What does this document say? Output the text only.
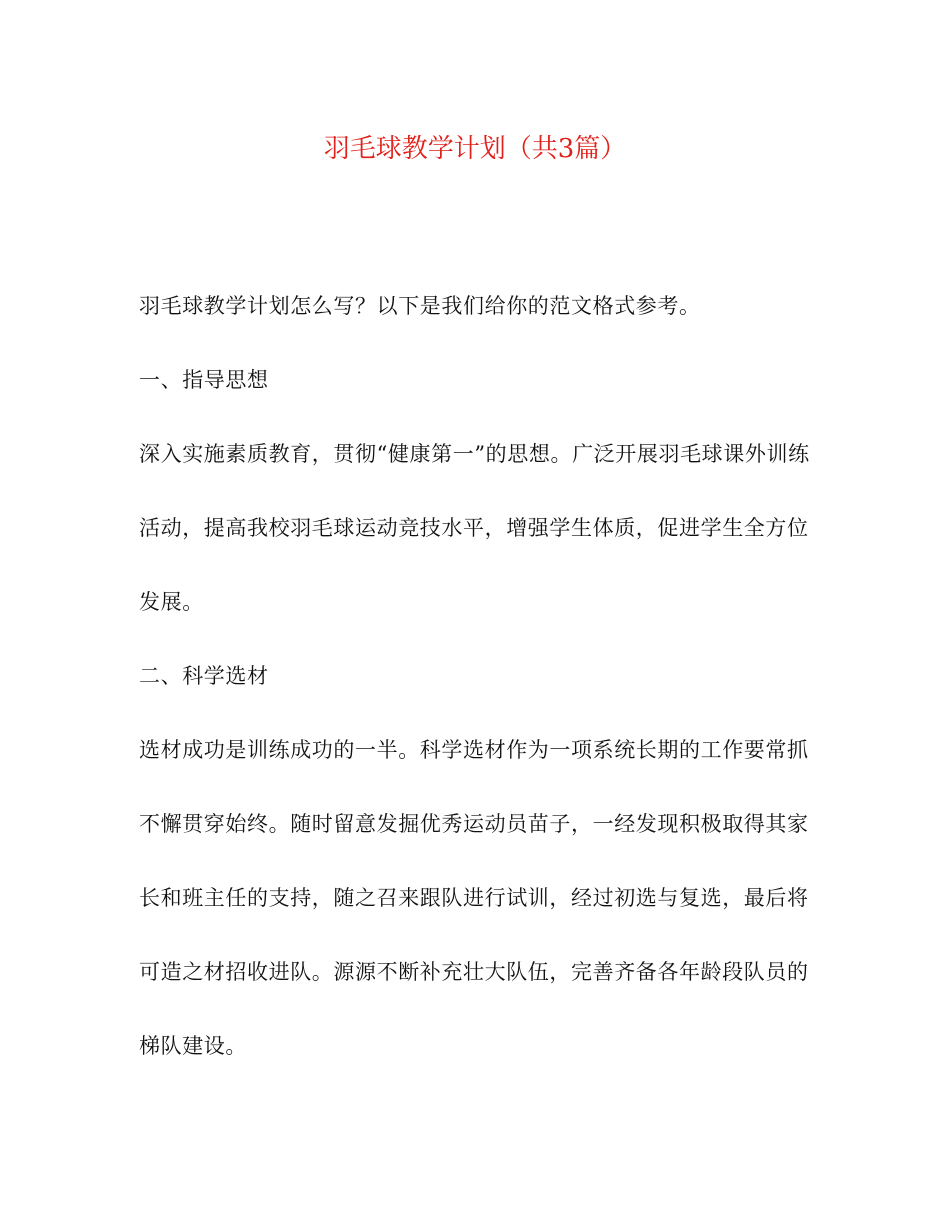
羽毛球教学计划（共3篇）
羽毛球教学计划怎么写？以下是我们给你的范文格式参考。
一、指导思想
深入实施素质教育，贯彻“健康第一”的思想。广泛开展羽毛球课外训练
活动，提高我校羽毛球运动竞技水平，增强学生体质，促进学生全方位
发展。
二、科学选材
选材成功是训练成功的一半。科学选材作为一项系统长期的工作要常抓
不懈贯穿始终。随时留意发掘优秀运动员苗子，一经发现积极取得其家
长和班主任的支持，随之召来跟队进行试训，经过初选与复选，最后将
可造之材招收进队。源源不断补充壮大队伍，完善齐备各年龄段队员的
梯队建设。
